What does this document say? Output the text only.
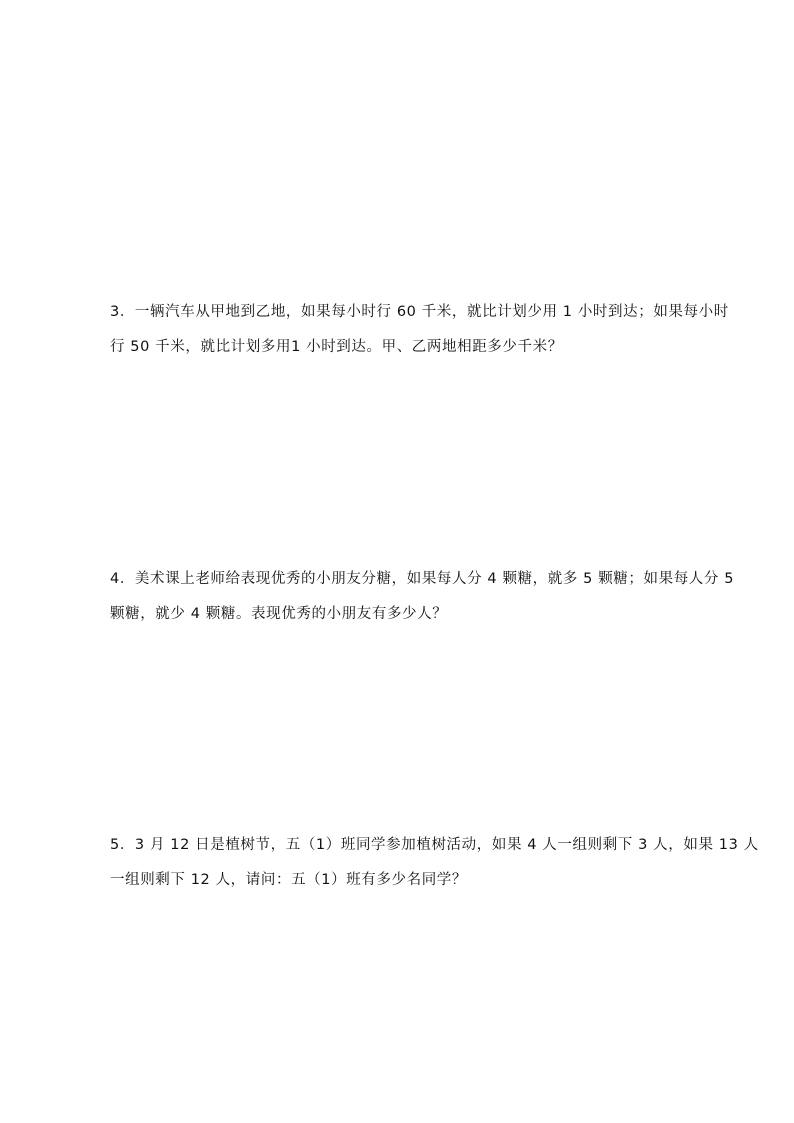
3．一辆汽车从甲地到乙地，如果每小时行 60 千米，就比计划少用 1 小时到达；如果每小时
行 50 千米，就比计划多用1 小时到达。甲、乙两地相距多少千米？
4．美术课上老师给表现优秀的小朋友分糖，如果每人分 4 颗糖，就多 5 颗糖；如果每人分 5
颗糖，就少 4 颗糖。表现优秀的小朋友有多少人？
5．3 月 12 日是植树节，五（1）班同学参加植树活动，如果 4 人一组则剩下 3 人，如果 13 人
一组则剩下 12 人，请问：五（1）班有多少名同学？
